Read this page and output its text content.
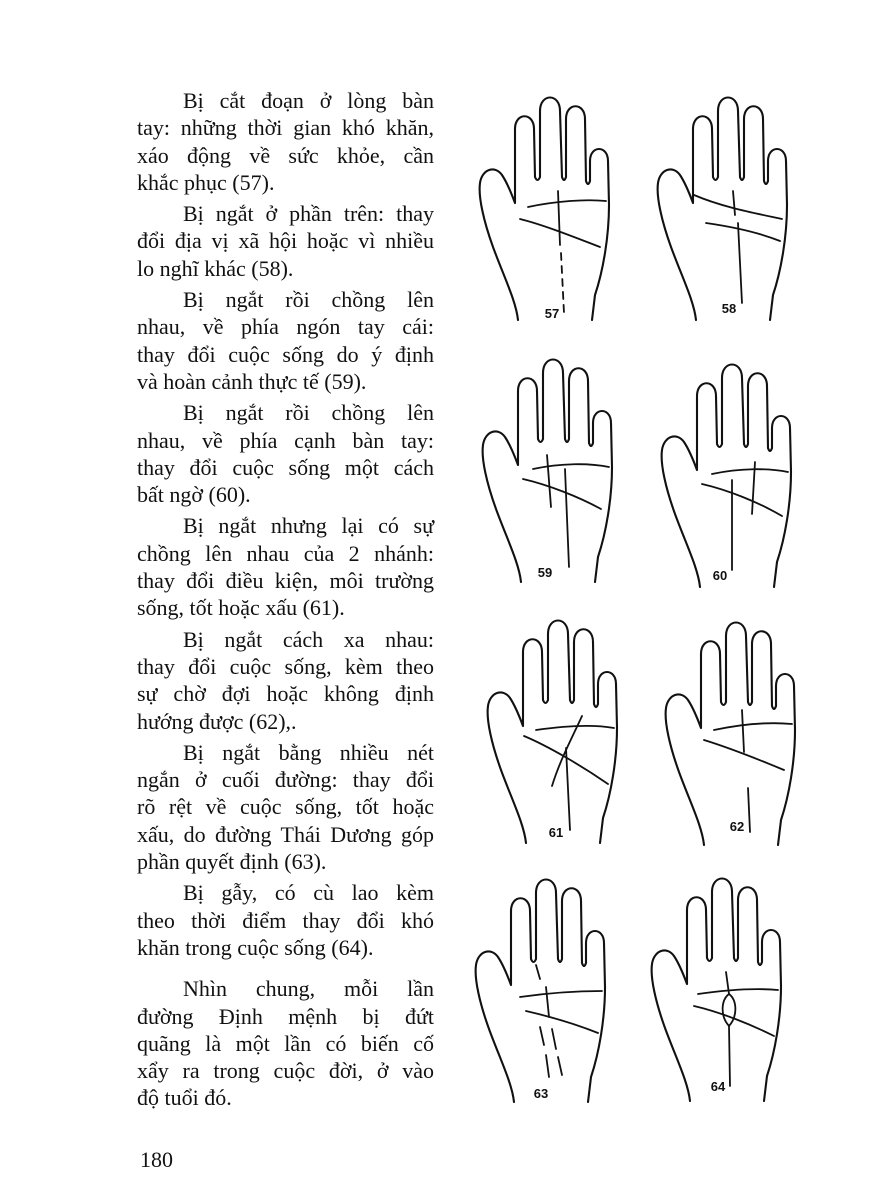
Bị cắt đoạn ở lòng bàn
tay: những thời gian khó khăn,
xáo động về sức khỏe, cần
khắc phục (57).

Bị ngắt ở phần trên: thay
đổi địa vị xã hội hoặc vì nhiều
lo nghĩ khác (58).

Bị ngắt rồi chồng lên
nhau, về phía ngón tay cái:
thay đổi cuộc sống do ý định
và hoàn cảnh thực tế (59).

Bị ngắt rồi chồng lên
nhau, về phía cạnh bàn tay:
thay đổi cuộc sống một cách
bất ngờ (60).

Bị ngắt nhưng lại có sự
chồng lên nhau của 2 nhánh:
thay đổi điều kiện, môi trường
sống, tốt hoặc xấu (61).

Bị ngắt cách xa nhau:
thay đổi cuộc sống, kèm theo
sự chờ đợi hoặc không định
hướng được (62),.

Bị ngắt bằng nhiều nét
ngắn ở cuối đường: thay đổi
rõ rệt về cuộc sống, tốt hoặc
xấu, do đường Thái Dương góp
phần quyết định (63).

Bị gẫy, có cù lao kèm
theo thời điểm thay đổi khó
khăn trong cuộc sống (64).

Nhìn chung, mỗi lần
đường Định mệnh bị đứt
quãng là một lần có biến cố
xẩy ra trong cuộc đời, ở vào
độ tuổi đó.

57	58
59	60
61	62
63	64
180
